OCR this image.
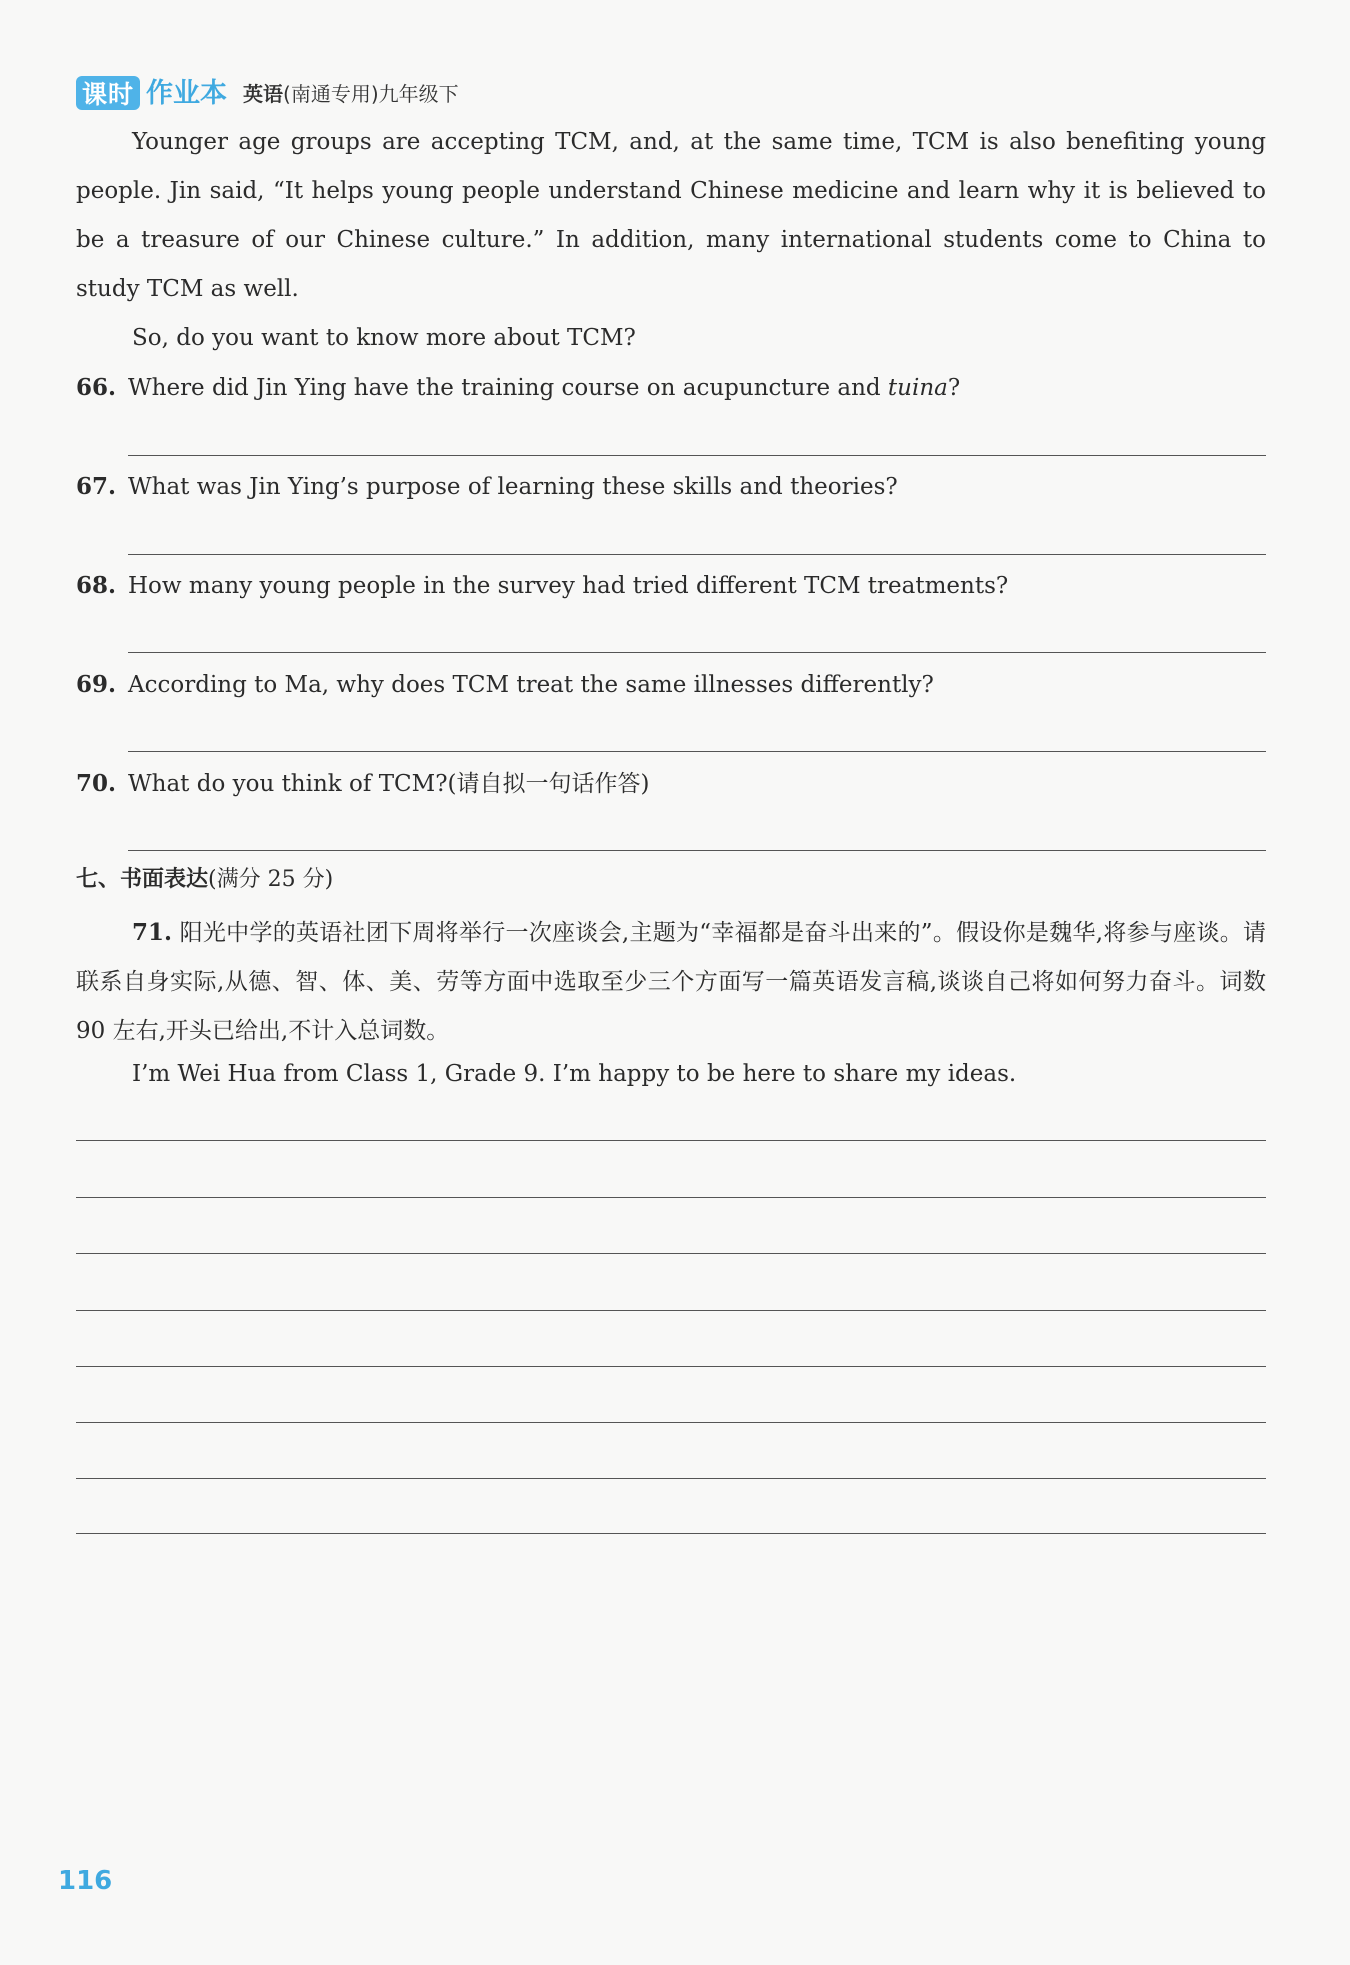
课时 作业本 英语 (南通专用)九年级下

Younger age groups are accepting TCM, and, at the same time, TCM is also benefiting young people. Jin said, “It helps young people understand Chinese medicine and learn why it is believed to be a treasure of our Chinese culture.” In addition, many international students come to China to study TCM as well.

So, do you want to know more about TCM?

66. Where did Jin Ying have the training course on acupuncture and tuina?
67. What was Jin Ying’s purpose of learning these skills and theories?
68. How many young people in the survey had tried different TCM treatments?
69. According to Ma, why does TCM treat the same illnesses differently?
70. What do you think of TCM?(请自拟一句话作答)
七、书面表达(满分 25 分)
71. 阳光中学的英语社团下周将举行一次座谈会,主题为“幸福都是奋斗出来的”。假设你是魏华,将参与座谈。请联系自身实际,从德、智、体、美、劳等方面中选取至少三个方面写一篇英语发言稿,谈谈自己将如何努力奋斗。词数 90 左右,开头已给出,不计入总词数。
I’m Wei Hua from Class 1, Grade 9. I’m happy to be here to share my ideas.
116
